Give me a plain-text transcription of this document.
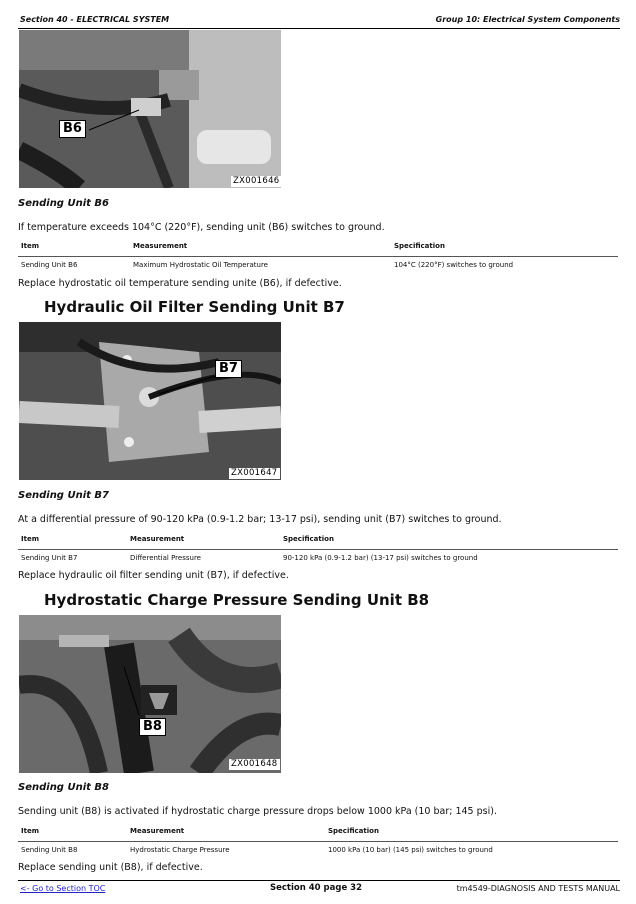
Section 40 - ELECTRICAL SYSTEM	Group 10: Electrical System Components
B6
ZX001646
Sending Unit B6
If temperature exceeds 104°C (220°F), sending unit (B6) switches to ground.
Item	Measurement	Specification
Sending Unit B6	Maximum Hydrostatic Oil Temperature	104°C (220°F) switches to ground
Replace hydrostatic oil temperature sending unite (B6), if defective.
Hydraulic Oil Filter Sending Unit B7
B7
ZX001647
Sending Unit B7
At a differential pressure of 90-120 kPa (0.9-1.2 bar; 13-17 psi), sending unit (B7) switches to ground.
Item	Measurement	Specification
Sending Unit B7	Differential Pressure	90-120 kPa (0.9-1.2 bar) (13-17 psi) switches to ground
Replace hydraulic oil filter sending unit (B7), if defective.
Hydrostatic Charge Pressure Sending Unit B8
B8
ZX001648
Sending Unit B8
Sending unit (B8) is activated if hydrostatic charge pressure drops below 1000 kPa (10 bar; 145 psi).
Item	Measurement	Specification
Sending Unit B8	Hydrostatic Charge Pressure	1000 kPa (10 bar) (145 psi) switches to ground
Replace sending unit (B8), if defective.
<- Go to Section TOC	Section 40 page 32	tm4549-DIAGNOSIS AND TESTS MANUAL
